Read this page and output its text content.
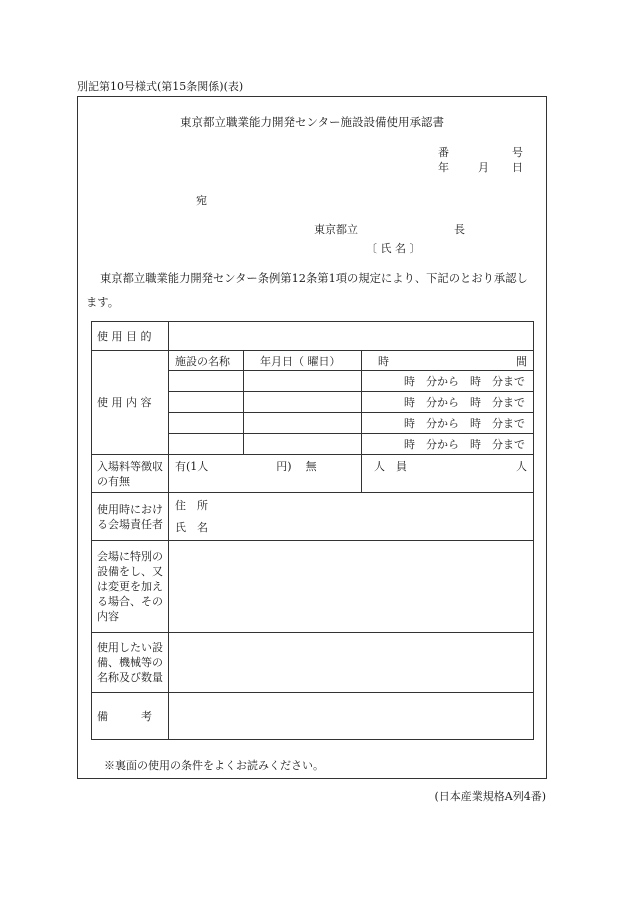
別記第10号様式(第15条関係)(表)
東京都立職業能力開発センター施設設備使用承認書
番	号
年	月 日
宛
東京都立	長
〔 氏 名 〕
東京都立職業能力開発センター条例第12条第1項の規定により、下記のとおり承認し
ます。
使 用 目 的			
使 用 内 容	施設の名称	年月日（ 曜日）	時 間

			時　分から　時　分まで
			時　分から　時　分まで
			時　分から　時　分まで
			時　分から　時　分まで
入場料等徴収の有無	有(1人 円) 無		人　員 人

使用時における会場責任者	住　所
氏　名		

会場に特別の設備をし、又は変更を加える場合、その内容			
使用したい設備、機械等の名称及び数量			
備　　　考			
※裏面の使用の条件をよくお読みください。
(日本産業規格A列4番)
